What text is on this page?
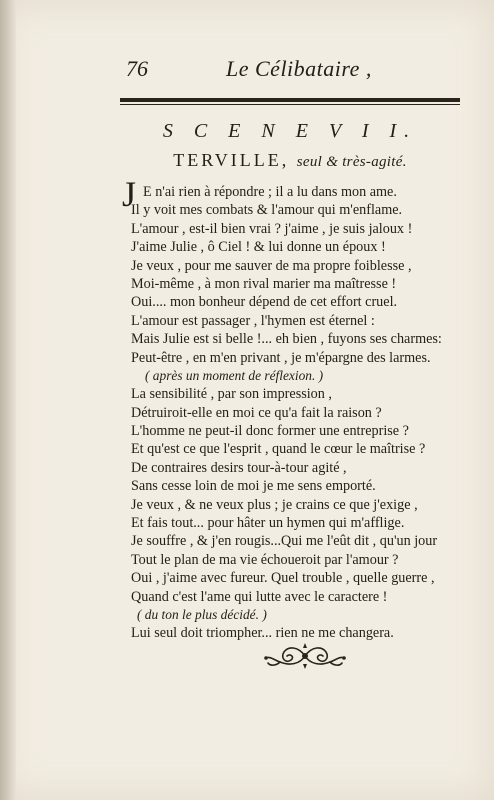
76	Le Célibataire ,
S C E N E V I I.
TERVILLE, seul & très-agité.
J E n'ai rien à répondre ; il a lu dans mon ame.
Il y voit mes combats & l'amour qui m'enflame.
L'amour , est-il bien vrai ? j'aime , je suis jaloux !
J'aime Julie , ô Ciel ! & lui donne un époux !
Je veux , pour me sauver de ma propre foiblesse ,
Moi-même , à mon rival marier ma maîtresse !
Oui.... mon bonheur dépend de cet effort cruel.
L'amour est passager , l'hymen est éternel :
Mais Julie est si belle !... eh bien , fuyons ses charmes:
Peut-être , en m'en privant , je m'épargne des larmes.
( après un moment de réflexion. )
La sensibilité , par son impression ,
Détruiroit-elle en moi ce qu'a fait la raison ?
L'homme ne peut-il donc former une entreprise ?
Et qu'est ce que l'esprit , quand le cœur le maîtrise ?
De contraires desirs tour-à-tour agité ,
Sans cesse loin de moi je me sens emporté.
Je veux , & ne veux plus ; je crains ce que j'exige ,
Et fais tout... pour hâter un hymen qui m'afflige.
Je souffre , & j'en rougis...Qui me l'eût dit , qu'un jour
Tout le plan de ma vie échoueroit par l'amour ?
Oui , j'aime avec fureur. Quel trouble , quelle guerre ,
Quand c'est l'ame qui lutte avec le caractere !
( du ton le plus décidé. )
Lui seul doit triompher... rien ne me changera.
